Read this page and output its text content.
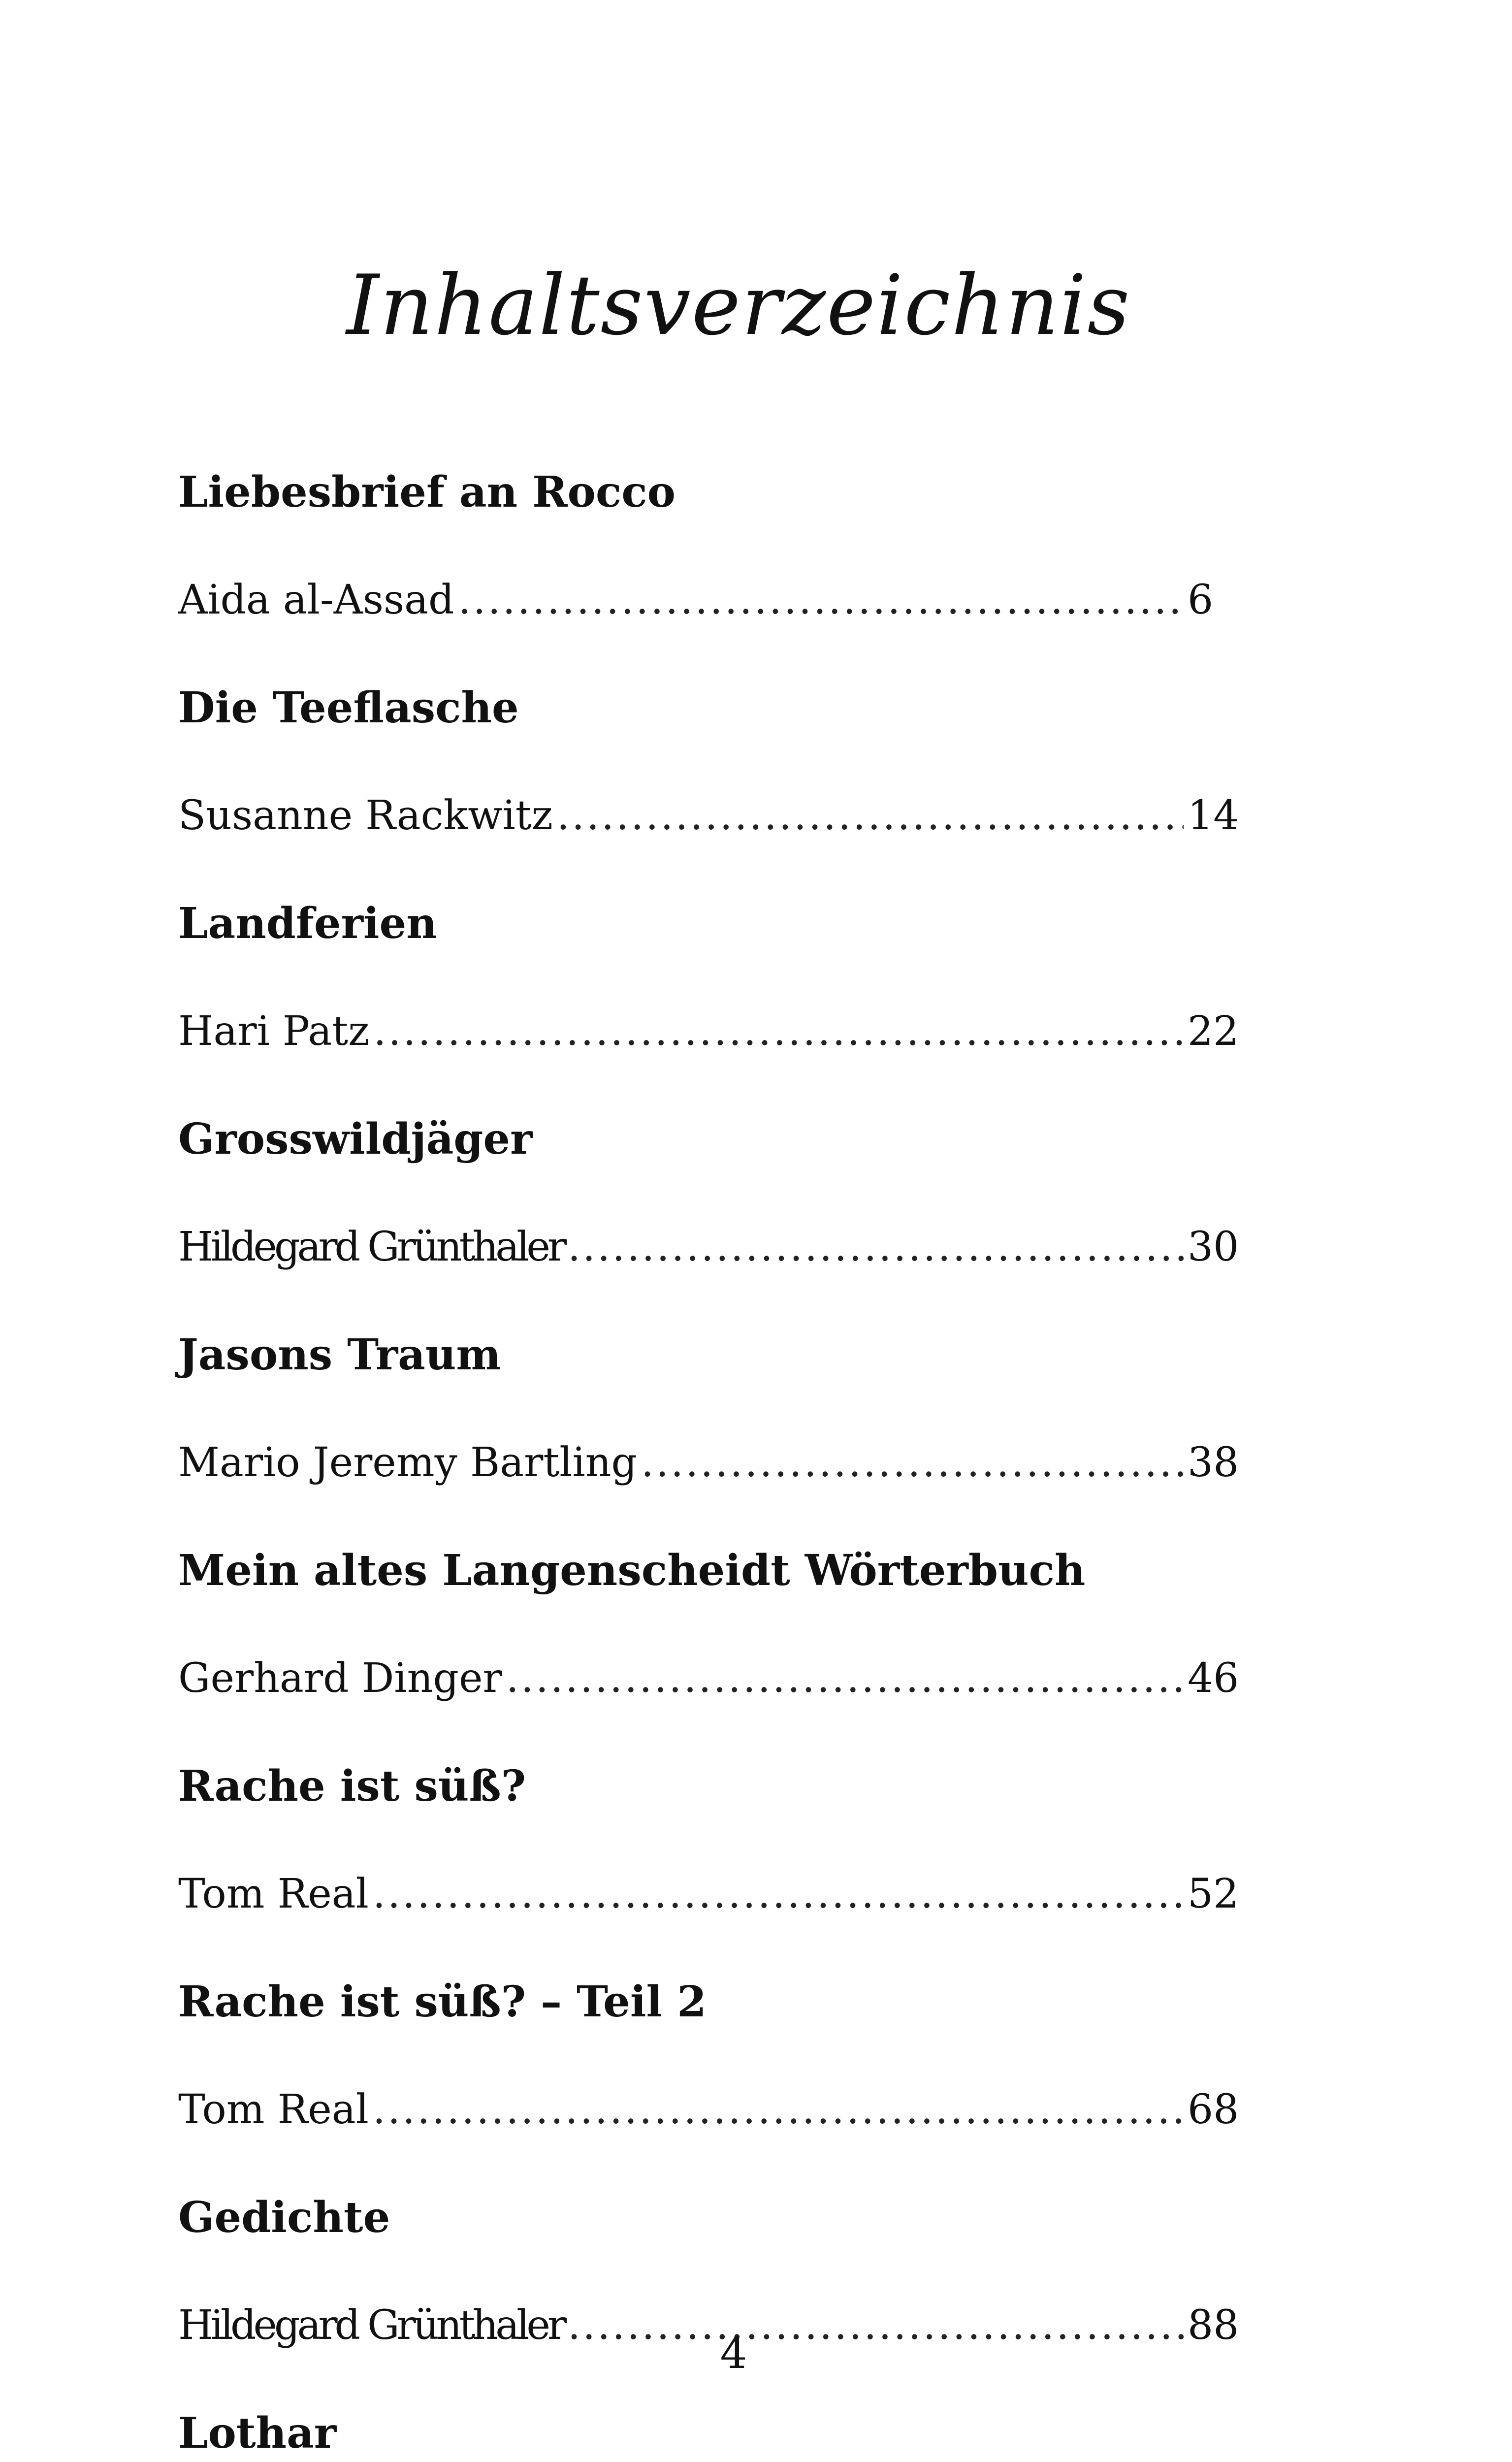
Inhaltsverzeichnis
Liebesbrief an Rocco
Aida al-Assad .....	6
Die Teeflasche
Susanne Rackwitz .....	14
Landferien
Hari Patz .....	22
Grosswildjäger
Hildegard Grünthaler .....	30
Jasons Traum
Mario Jeremy Bartling .....	38
Mein altes Langenscheidt Wörterbuch
Gerhard Dinger .....	46
Rache ist süß?
Tom Real .....	52
Rache ist süß? – Teil 2
Tom Real .....	68
Gedichte
Hildegard Grünthaler .....	88
Lothar
4
